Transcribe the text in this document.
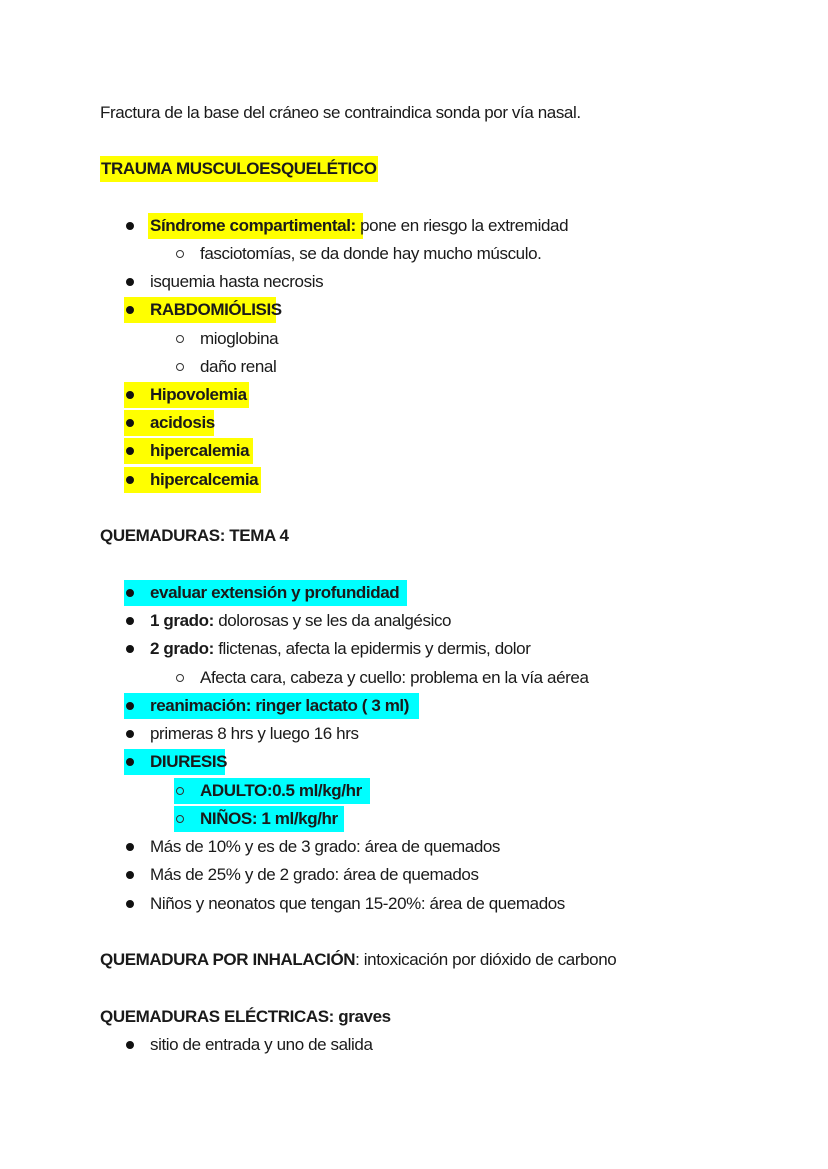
Fractura de la base del cráneo se contraindica sonda por vía nasal.
TRAUMA MUSCULOESQUELÉTICO
Síndrome compartimental: pone en riesgo la extremidad
fasciotomías, se da donde hay mucho músculo.
isquemia hasta necrosis
RABDOMIÓLISIS
mioglobina
daño renal
Hipovolemia
acidosis
hipercalemia
hipercalcemia
QUEMADURAS: TEMA 4
evaluar extensión y profundidad
1 grado: dolorosas y se les da analgésico
2 grado: flictenas, afecta la epidermis y dermis, dolor
Afecta cara, cabeza y cuello: problema en la vía aérea
reanimación: ringer lactato ( 3 ml)
primeras 8 hrs y luego 16 hrs
DIURESIS
ADULTO:0.5 ml/kg/hr
NIÑOS: 1 ml/kg/hr
Más de 10% y es de 3 grado: área de quemados
Más de 25% y de 2 grado: área de quemados
Niños y neonatos que tengan 15-20%: área de quemados
QUEMADURA POR INHALACIÓN: intoxicación por dióxido de carbono
QUEMADURAS ELÉCTRICAS: graves
sitio de entrada y uno de salida
